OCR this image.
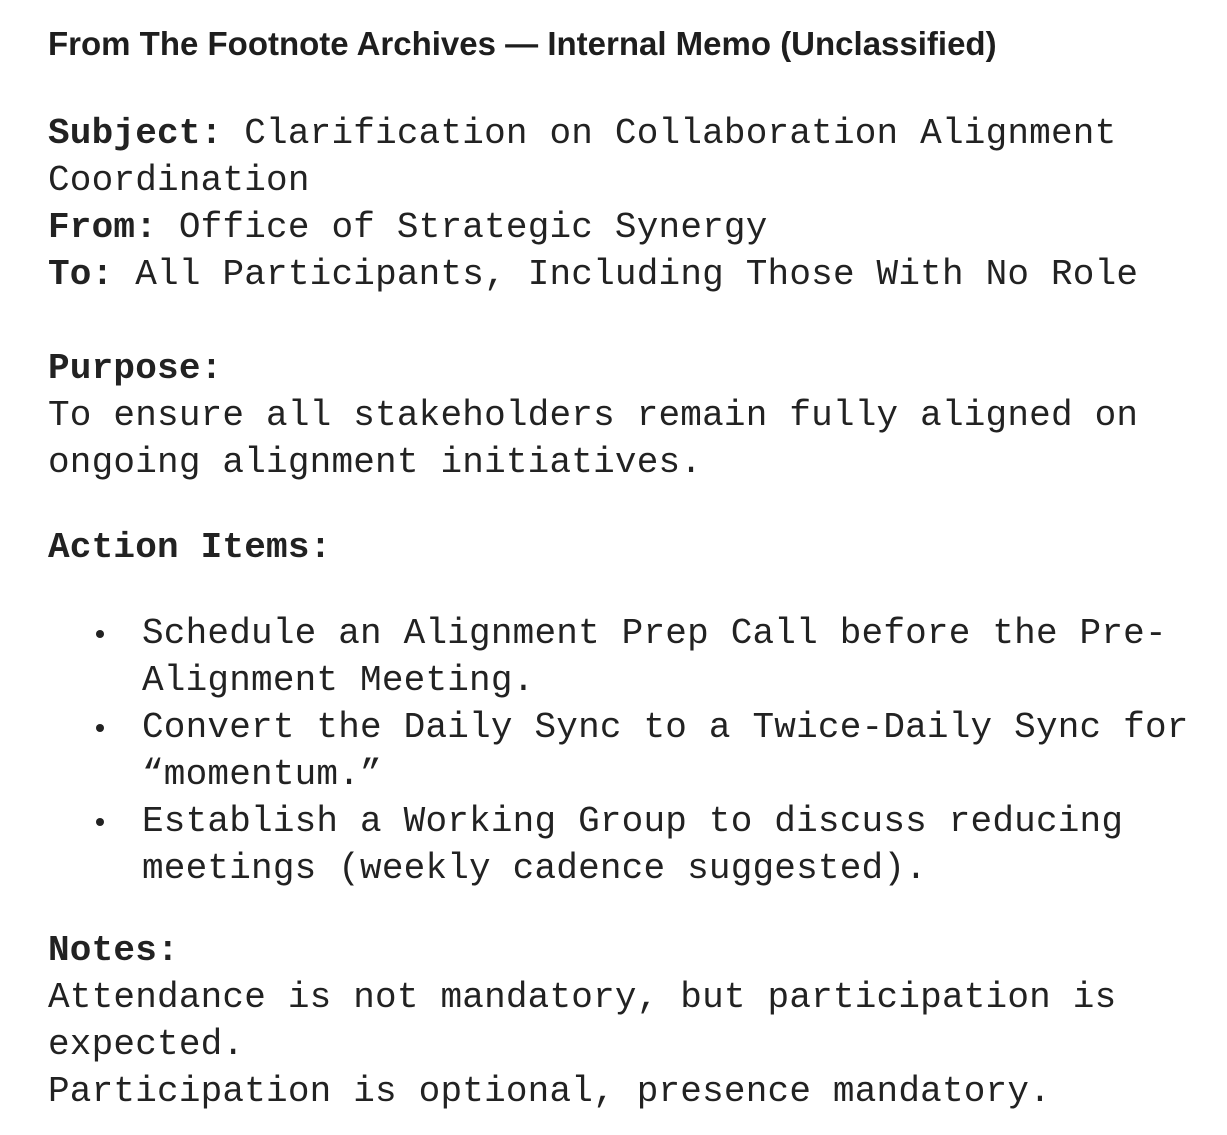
From The Footnote Archives — Internal Memo (Unclassified)
Subject: Clarification on Collaboration Alignment Coordination
From: Office of Strategic Synergy
To: All Participants, Including Those With No Role
Purpose:
To ensure all stakeholders remain fully aligned on ongoing alignment initiatives.
Action Items:
Schedule an Alignment Prep Call before the Pre-Alignment Meeting.
Convert the Daily Sync to a Twice-Daily Sync for “momentum.”
Establish a Working Group to discuss reducing meetings (weekly cadence suggested).
Notes:
Attendance is not mandatory, but participation is expected.
Participation is optional, presence mandatory.
